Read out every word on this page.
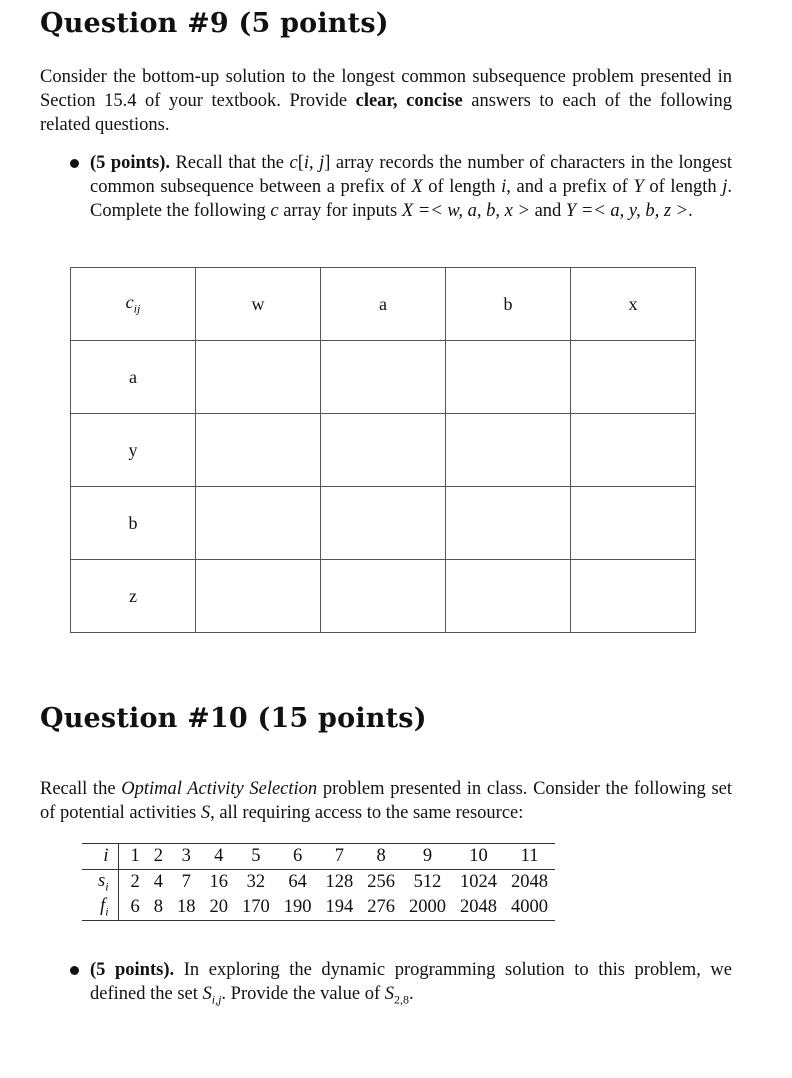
Question #9 (5 points)

Consider the bottom-up solution to the longest common subsequence problem presented in Section 15.4 of your textbook. Provide clear, concise answers to each of the following related questions.

(5 points). Recall that the c[i, j] array records the number of characters in the longest common subsequence between a prefix of X of length i, and a prefix of Y of length j. Complete the following c array for inputs X =< w, a, b, x > and Y =< a, y, b, z >.

$c_{ij}$	w	a	b	x
a				
y				
b				
z				
Question #10 (15 points)

Recall the Optimal Activity Selection problem presented in class. Consider the following set of potential activities S, all requiring access to the same resource:

i	1	2	3	4	5	6	7	8	9	10	11
$s_i$	2	4	7	16	32	64	128	256	512	1024	2048
$f_i$	6	8	18	20	170	190	194	276	2000	2048	4000

(5 points). In exploring the dynamic programming solution to this problem, we defined the set $S_{i,j}$. Provide the value of $S_{2,8}$.
